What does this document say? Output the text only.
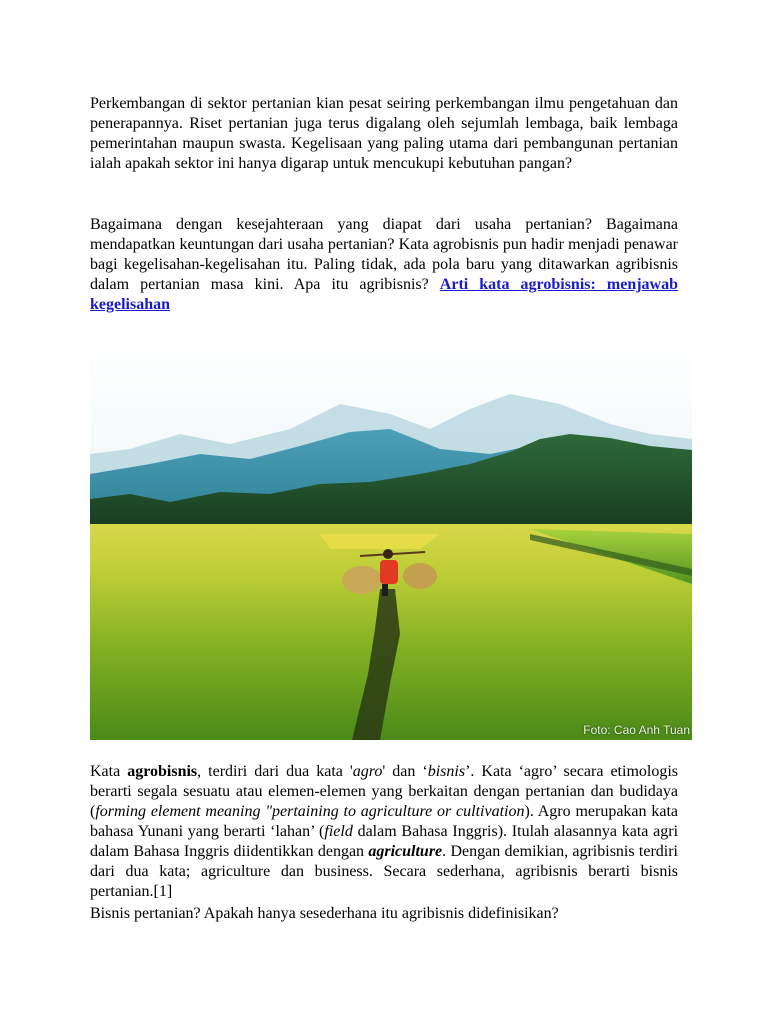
Perkembangan di sektor pertanian kian pesat seiring perkembangan ilmu pengetahuan dan penerapannya. Riset pertanian juga terus digalang oleh sejumlah lembaga, baik lembaga pemerintahan maupun swasta. Kegelisaan yang paling utama dari pembangunan pertanian ialah apakah sektor ini hanya digarap untuk mencukupi kebutuhan pangan?

Bagaimana dengan kesejahteraan yang diapat dari usaha pertanian? Bagaimana mendapatkan keuntungan dari usaha pertanian? Kata agrobisnis pun hadir menjadi penawar bagi kegelisahan-kegelisahan itu. Paling tidak, ada pola baru yang ditawarkan agribisnis dalam pertanian masa kini. Apa itu agribisnis? Arti kata agrobisnis: menjawab kegelisahan

Foto: Cao Anh Tuan

Kata agrobisnis, terdiri dari dua kata 'agro' dan ‘bisnis’. Kata ‘agro’ secara etimologis berarti segala sesuatu atau elemen-elemen yang berkaitan dengan pertanian dan budidaya (forming element meaning "pertaining to agriculture or cultivation). Agro merupakan kata bahasa Yunani yang berarti ‘lahan’ (field dalam Bahasa Inggris). Itulah alasannya kata agri dalam Bahasa Inggris diidentikkan dengan agriculture. Dengan demikian, agribisnis terdiri dari dua kata; agriculture dan business. Secara sederhana, agribisnis berarti bisnis pertanian.[1]

Bisnis pertanian? Apakah hanya sesederhana itu agribisnis didefinisikan?
